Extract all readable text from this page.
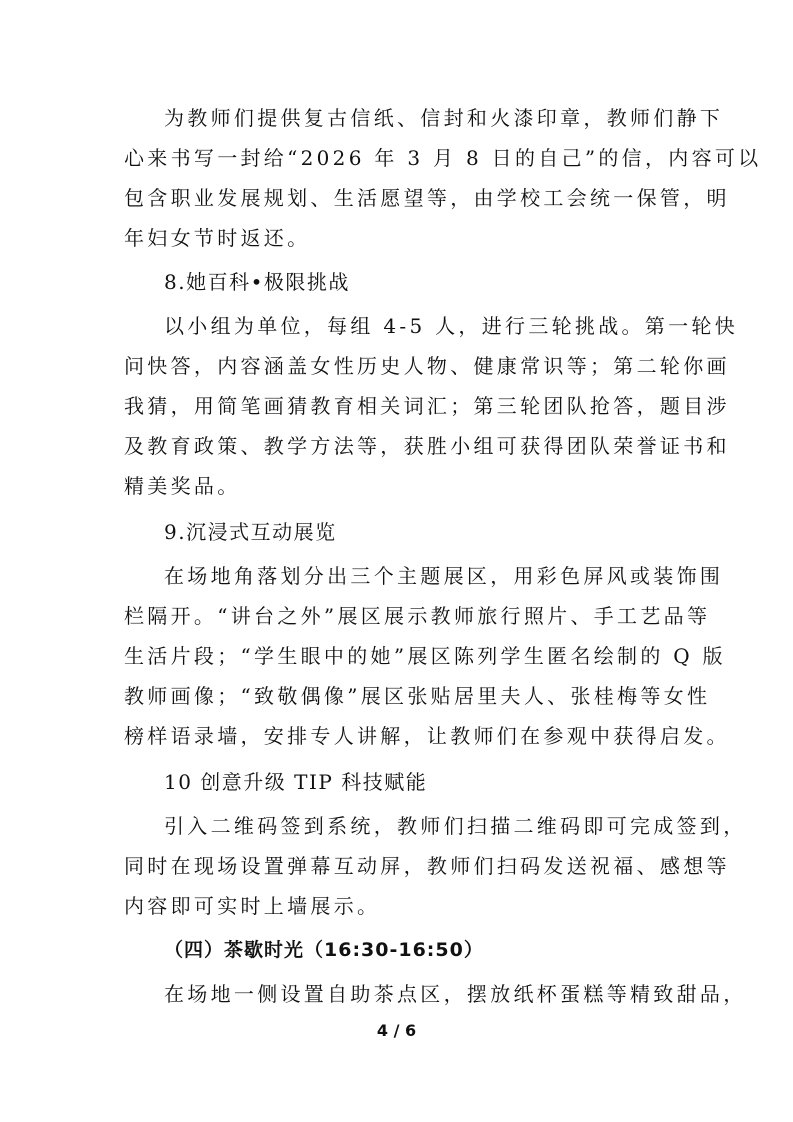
为教师们提供复古信纸、信封和火漆印章，教师们静下
心来书写一封给“2026 年 3 月 8 日的自己”的信，内容可以
包含职业发展规划、生活愿望等，由学校工会统一保管，明
年妇女节时返还。
8.她百科•极限挑战
以小组为单位，每组 4-5 人，进行三轮挑战。第一轮快
问快答，内容涵盖女性历史人物、健康常识等；第二轮你画
我猜，用简笔画猜教育相关词汇；第三轮团队抢答，题目涉
及教育政策、教学方法等，获胜小组可获得团队荣誉证书和
精美奖品。
9.沉浸式互动展览
在场地角落划分出三个主题展区，用彩色屏风或装饰围
栏隔开。“讲台之外”展区展示教师旅行照片、手工艺品等
生活片段；“学生眼中的她”展区陈列学生匿名绘制的 Q 版
教师画像；“致敬偶像”展区张贴居里夫人、张桂梅等女性
榜样语录墙，安排专人讲解，让教师们在参观中获得启发。
10 创意升级 TIP 科技赋能
引入二维码签到系统，教师们扫描二维码即可完成签到，
同时在现场设置弹幕互动屏，教师们扫码发送祝福、感想等
内容即可实时上墙展示。
（四）茶歇时光（16:30-16:50）
在场地一侧设置自助茶点区，摆放纸杯蛋糕等精致甜品，
4 / 6
